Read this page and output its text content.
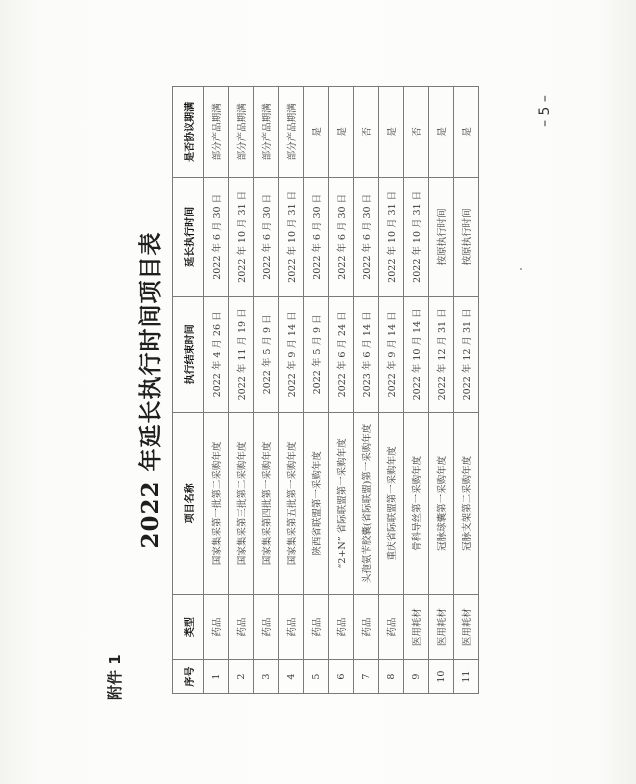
附件 1
2022 年延长执行时间项目表
序号	类型	项目名称	执行结束时间	延长执行时间	是否协议期满
1	药品	国家集采第一批第二采购年度	2022 年 4 月 26 日	2022 年 6 月 30 日	部分产品期满
2	药品	国家集采第三批第二采购年度	2022 年 11 月 19 日	2022 年 10 月 31 日	部分产品期满
3	药品	国家集采第四批第一采购年度	2022 年 5 月 9 日	2022 年 6 月 30 日	部分产品期满
4	药品	国家集采第五批第一采购年度	2022 年 9 月 14 日	2022 年 10 月 31 日	部分产品期满
5	药品	陕西省联盟第一采购年度	2022 年 5 月 9 日	2022 年 6 月 30 日	是
6	药品	“2+N” 省际联盟第一采购年度	2022 年 6 月 24 日	2022 年 6 月 30 日	是
7	药品	头孢氨苄胶囊(省际联盟)第一采购年度	2023 年 6 月 14 日	2022 年 6 月 30 日	否
8	药品	重庆省际联盟第一采购年度	2022 年 9 月 14 日	2022 年 10 月 31 日	是
9	医用耗材	骨科导丝第一采购年度	2022 年 10 月 14 日	2022 年 10 月 31 日	否
10	医用耗材	冠脉球囊第一采购年度	2022 年 12 月 31 日	按原执行时间	是
11	医用耗材	冠脉支架第二采购年度	2022 年 12 月 31 日	按原执行时间	是
– 5 –
